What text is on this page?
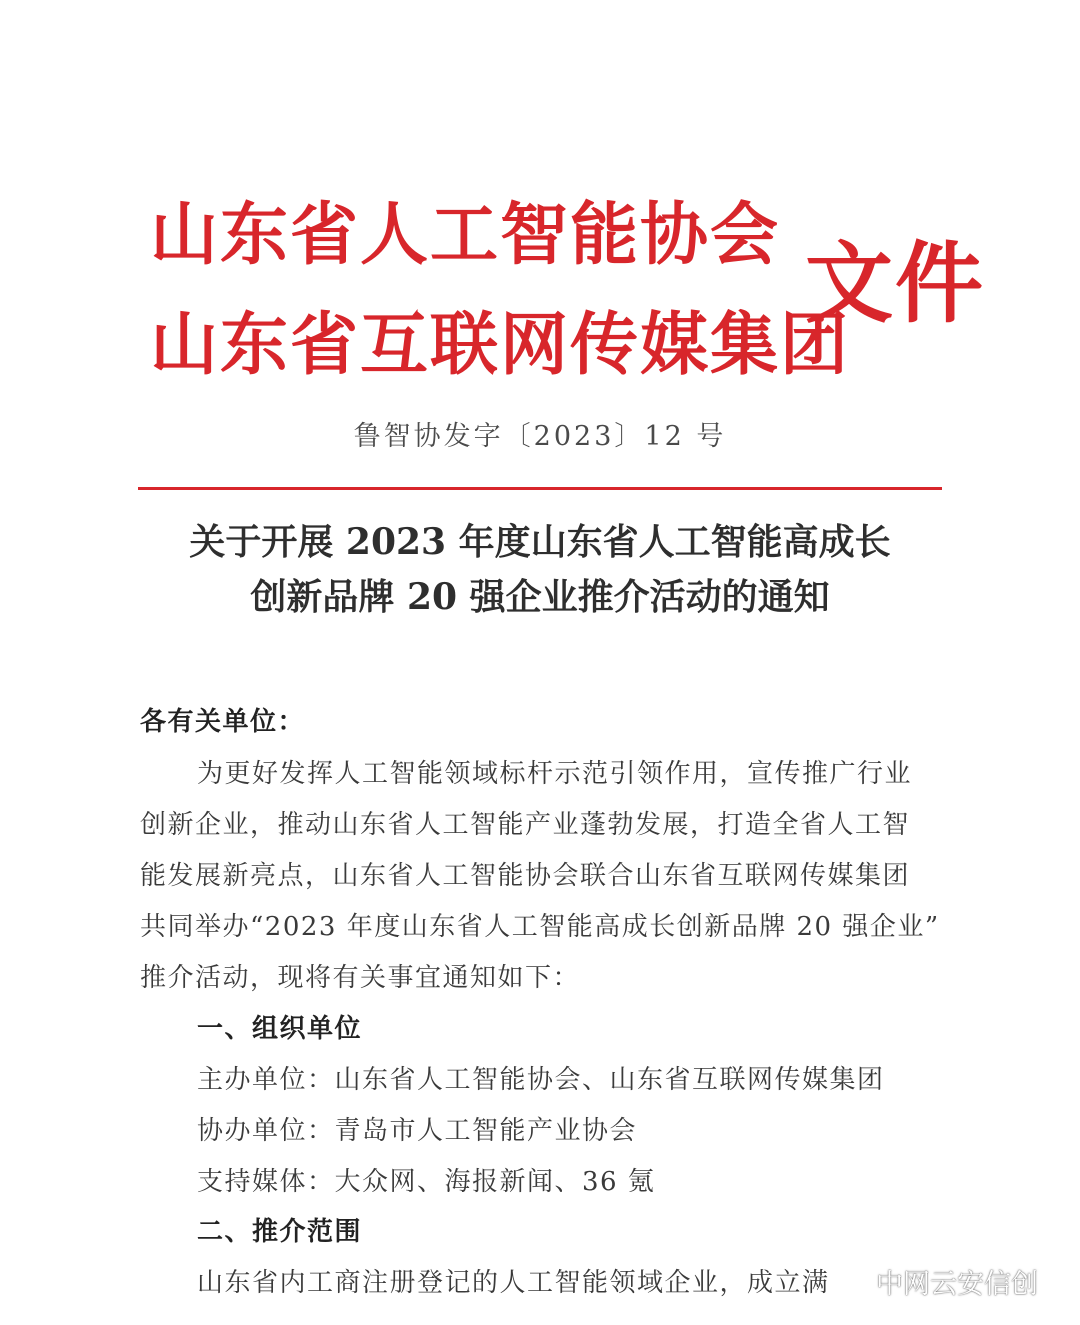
山东省人工智能协会
山东省互联网传媒集团
文件
鲁智协发字〔2023〕12 号
关于开展 2023 年度山东省人工智能高成长
创新品牌 20 强企业推介活动的通知
各有关单位：
为更好发挥人工智能领域标杆示范引领作用，宣传推广行业
创新企业，推动山东省人工智能产业蓬勃发展，打造全省人工智
能发展新亮点，山东省人工智能协会联合山东省互联网传媒集团
共同举办“2023 年度山东省人工智能高成长创新品牌 20 强企业”
推介活动，现将有关事宜通知如下：
一、组织单位
主办单位：山东省人工智能协会、山东省互联网传媒集团
协办单位：青岛市人工智能产业协会
支持媒体：大众网、海报新闻、36 氪
二、推介范围
山东省内工商注册登记的人工智能领域企业，成立满	中网云安信创
